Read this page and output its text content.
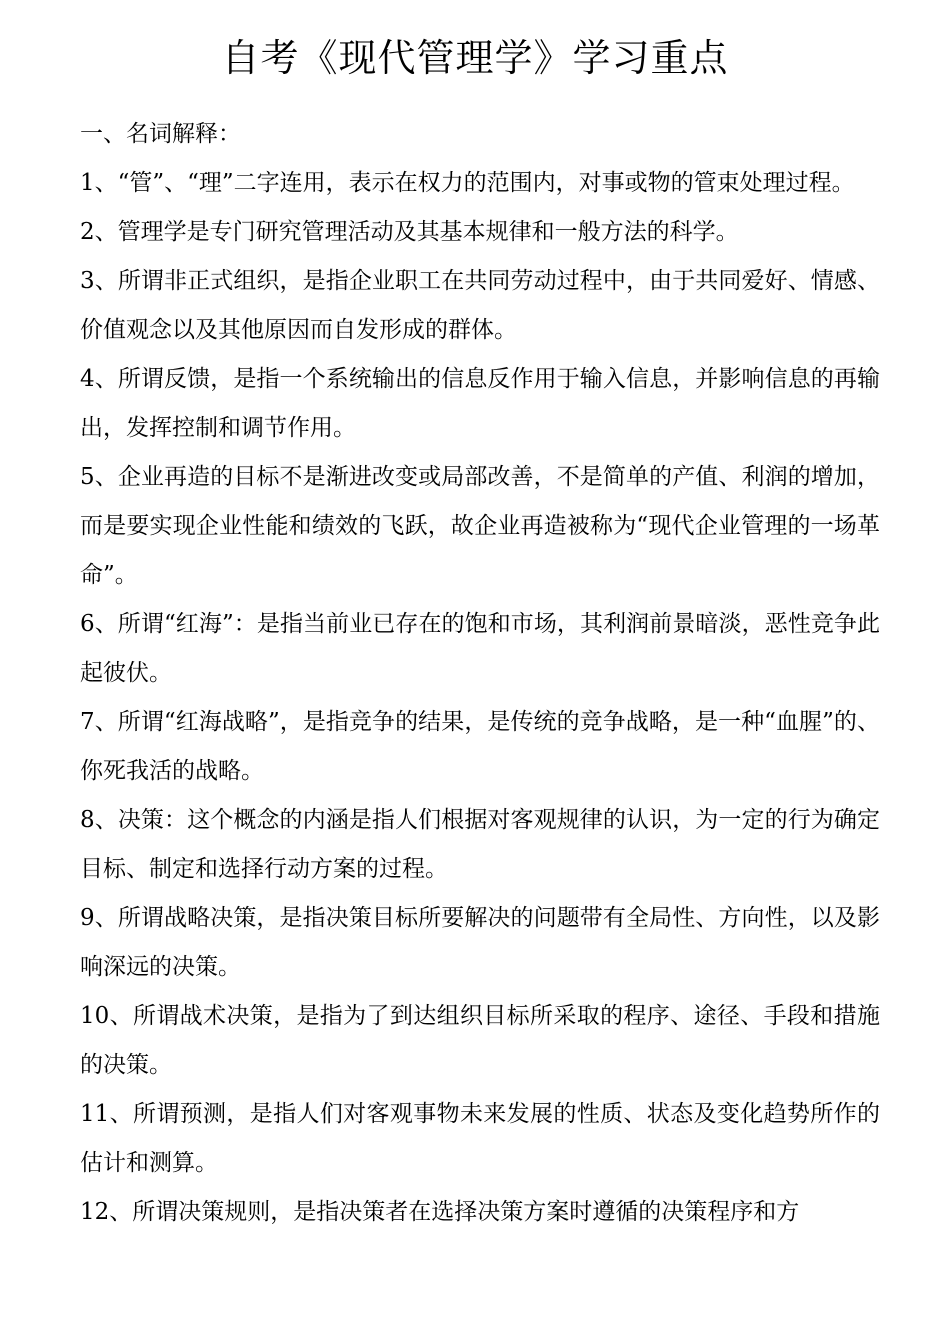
自考《现代管理学》学习重点

一、名词解释：

1、“管”、“理”二字连用，表示在权力的范围内，对事或物的管束处理过程。

2、管理学是专门研究管理活动及其基本规律和一般方法的科学。

3、所谓非正式组织，是指企业职工在共同劳动过程中，由于共同爱好、情感、价值观念以及其他原因而自发形成的群体。

4、所谓反馈，是指一个系统输出的信息反作用于输入信息，并影响信息的再输出，发挥控制和调节作用。

5、企业再造的目标不是渐进改变或局部改善，不是简单的产值、利润的增加，而是要实现企业性能和绩效的飞跃，故企业再造被称为“现代企业管理的一场革命”。

6、所谓“红海”：是指当前业已存在的饱和市场，其利润前景暗淡，恶性竞争此起彼伏。

7、所谓“红海战略”，是指竞争的结果，是传统的竞争战略，是一种“血腥”的、你死我活的战略。

8、决策：这个概念的内涵是指人们根据对客观规律的认识，为一定的行为确定目标、制定和选择行动方案的过程。

9、所谓战略决策，是指决策目标所要解决的问题带有全局性、方向性，以及影响深远的决策。

10、所谓战术决策，是指为了到达组织目标所采取的程序、途径、手段和措施的决策。

11、所谓预测，是指人们对客观事物未来发展的性质、状态及变化趋势所作的估计和测算。

12、所谓决策规则，是指决策者在选择决策方案时遵循的决策程序和方
